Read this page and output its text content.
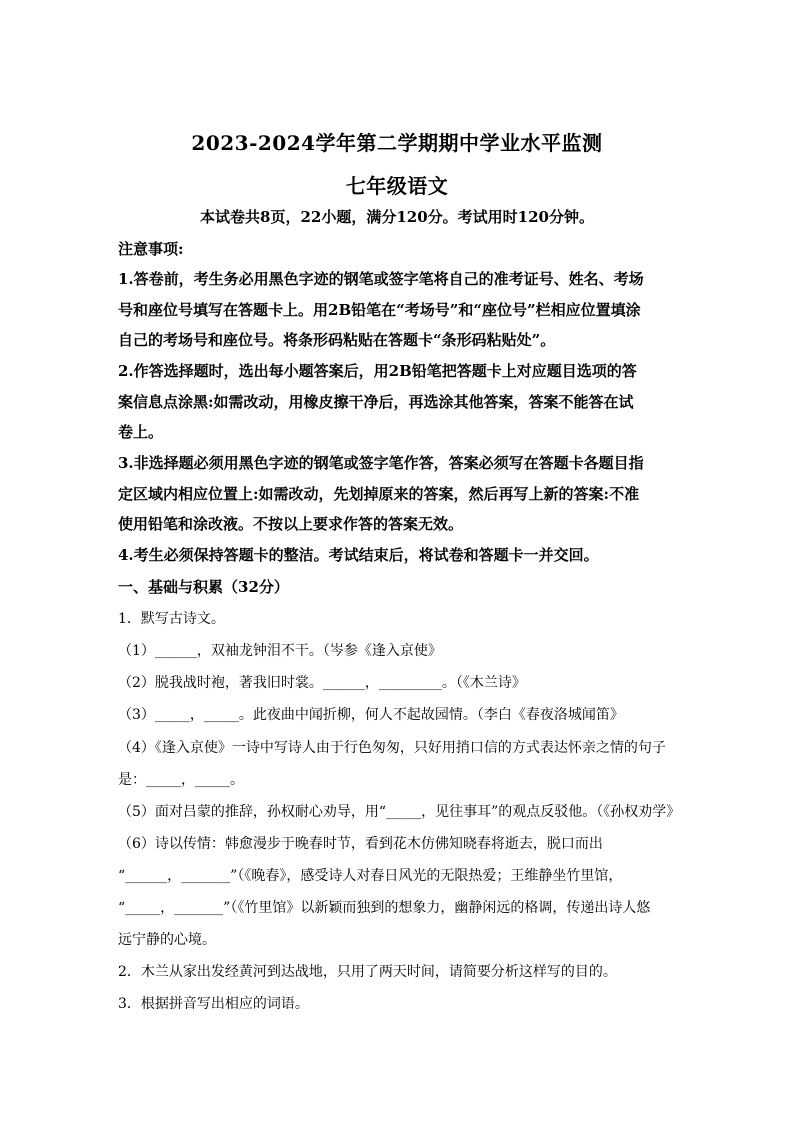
2023-2024学年第二学期期中学业水平监测
七年级语文
本试卷共8页，22小题，满分120分。考试用时120分钟。
注意事项:
1.答卷前，考生务必用黑色字迹的钢笔或签字笔将自己的准考证号、姓名、考场
号和座位号填写在答题卡上。用2B铅笔在“考场号”和“座位号”栏相应位置填涂
自己的考场号和座位号。将条形码粘贴在答题卡“条形码粘贴处”。
2.作答选择题时，选出每小题答案后，用2B铅笔把答题卡上对应题目选项的答
案信息点涂黑:如需改动，用橡皮擦干净后，再选涂其他答案，答案不能答在试
卷上。
3.非选择题必须用黑色字迹的钢笔或签字笔作答，答案必须写在答题卡各题目指
定区域内相应位置上:如需改动，先划掉原来的答案，然后再写上新的答案:不准
使用铅笔和涂改液。不按以上要求作答的答案无效。
4.考生必须保持答题卡的整洁。考试结束后，将试卷和答题卡一并交回。
一、基础与积累（32分）
1．默写古诗文。
（1）______，双袖龙钟泪不干。（岑参《逢入京使》
（2）脱我战时袍，著我旧时裳。______，_________。（《木兰诗》
（3）_____，_____。此夜曲中闻折柳，何人不起故园情。（李白《春夜洛城闻笛》
（4）《逢入京使》一诗中写诗人由于行色匆匆，只好用捎口信的方式表达怀亲之情的句子
是：_____，_____。
（5）面对吕蒙的推辞，孙权耐心劝导，用“_____，见往事耳”的观点反驳他。（《孙权劝学》
（6）诗以传情：韩愈漫步于晚春时节，看到花木仿佛知晓春将逝去，脱口而出
“______，_______”（《晚春》，感受诗人对春日风光的无限热爱；王维静坐竹里馆，
“_____，_______”（《竹里馆》以新颖而独到的想象力，幽静闲远的格调，传递出诗人悠
远宁静的心境。
2．木兰从家出发经黄河到达战地，只用了两天时间，请简要分析这样写的目的。
3．根据拼音写出相应的词语。
